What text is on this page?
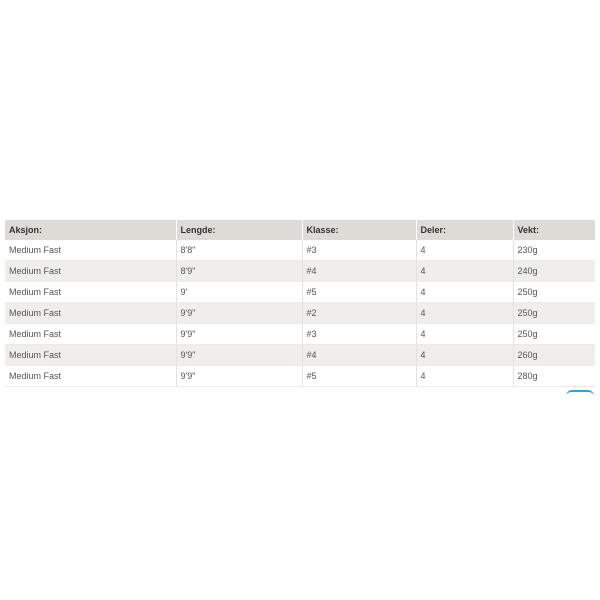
Aksjon:	Lengde:	Klasse:	Deler:	Vekt:
Medium Fast	8'8"	#3	4	230g
Medium Fast	8'9"	#4	4	240g
Medium Fast	9'	#5	4	250g
Medium Fast	9'9"	#2	4	250g
Medium Fast	9'9"	#3	4	250g
Medium Fast	9'9"	#4	4	260g
Medium Fast	9'9"	#5	4	280g
